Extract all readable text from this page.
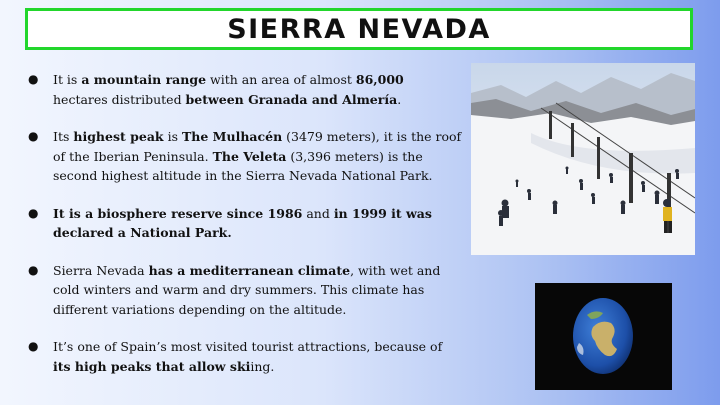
SIERRA NEVADA
● It is a mountain range with an area of almost 86,000 hectares distributed between Granada and Almería.
● Its highest peak is The Mulhacén (3479 meters), it is the roof of the Iberian Peninsula. The Veleta (3,396 meters) is the second highest altitude in the Sierra Nevada National Park.
● It is a biosphere reserve since 1986 and in 1999 it was declared a National Park.
● Sierra Nevada has a mediterranean climate, with wet and cold winters and warm and dry summers. This climate has different variations depending on the altitude.
● It’s one of Spain’s most visited tourist attractions, because of its high peaks that allow skiing.
